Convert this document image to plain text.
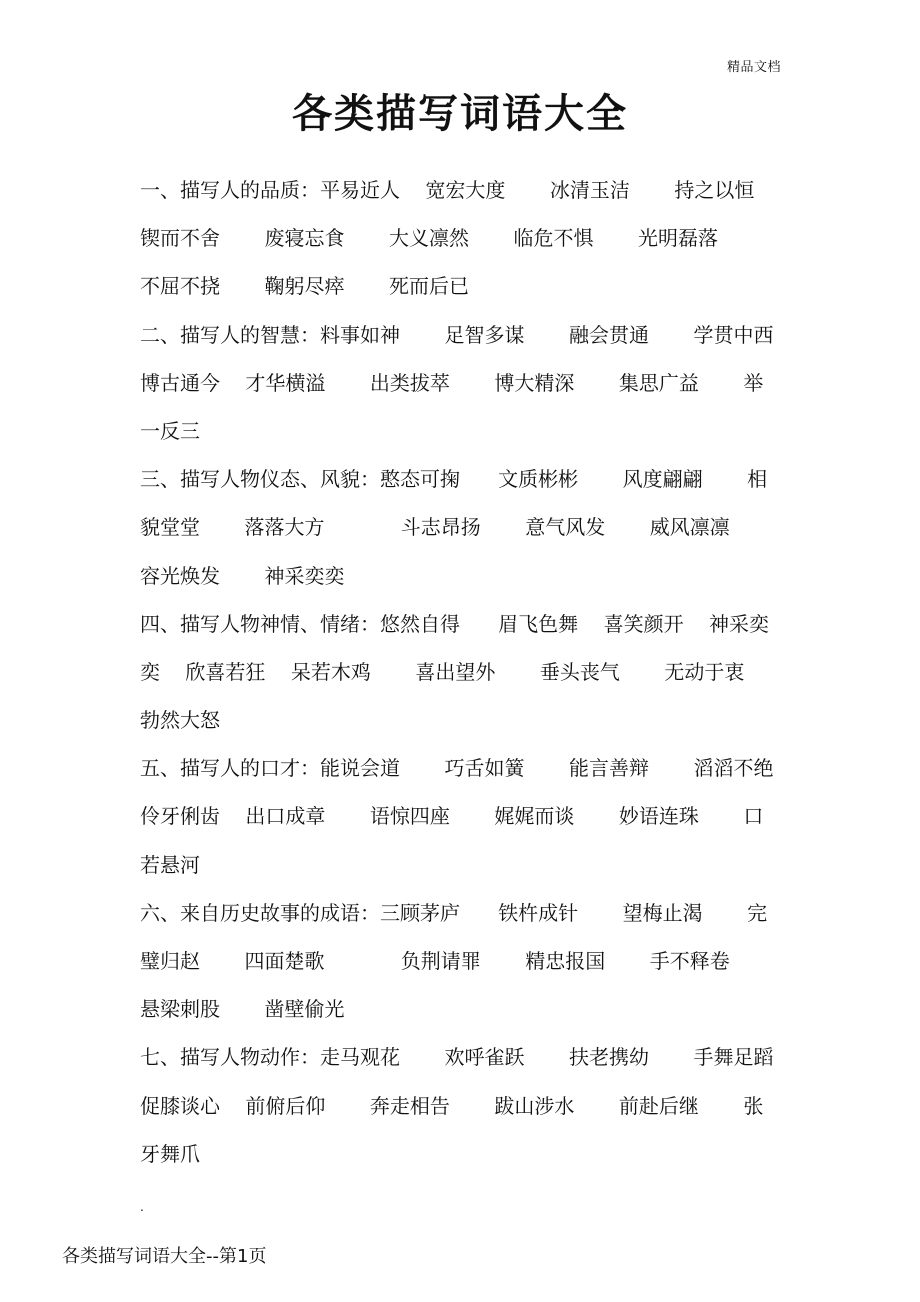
精品文档
各类描写词语大全
一、描写人的品质：平易近人    宽宏大度       冰清玉洁       持之以恒
锲而不舍       废寝忘食       大义凛然       临危不惧       光明磊落
不屈不挠       鞠躬尽瘁       死而后已
二、描写人的智慧：料事如神       足智多谋       融会贯通       学贯中西
博古通今    才华横溢       出类拔萃       博大精深       集思广益       举
一反三
三、描写人物仪态、风貌：憨态可掬      文质彬彬       风度翩翩       相
貌堂堂       落落大方            斗志昂扬       意气风发       威风凛凛
容光焕发       神采奕奕
四、描写人物神情、情绪：悠然自得      眉飞色舞    喜笑颜开    神采奕
奕    欣喜若狂    呆若木鸡       喜出望外       垂头丧气       无动于衷
勃然大怒
五、描写人的口才：能说会道       巧舌如簧       能言善辩       滔滔不绝
伶牙俐齿    出口成章       语惊四座       娓娓而谈       妙语连珠       口
若悬河
六、来自历史故事的成语：三顾茅庐      铁杵成针       望梅止渴       完
璧归赵       四面楚歌            负荆请罪       精忠报国       手不释卷
悬梁刺股       凿壁偷光
七、描写人物动作：走马观花       欢呼雀跃       扶老携幼       手舞足蹈
促膝谈心    前俯后仰       奔走相告       跋山涉水       前赴后继       张
牙舞爪
.
各类描写词语大全--第1页
